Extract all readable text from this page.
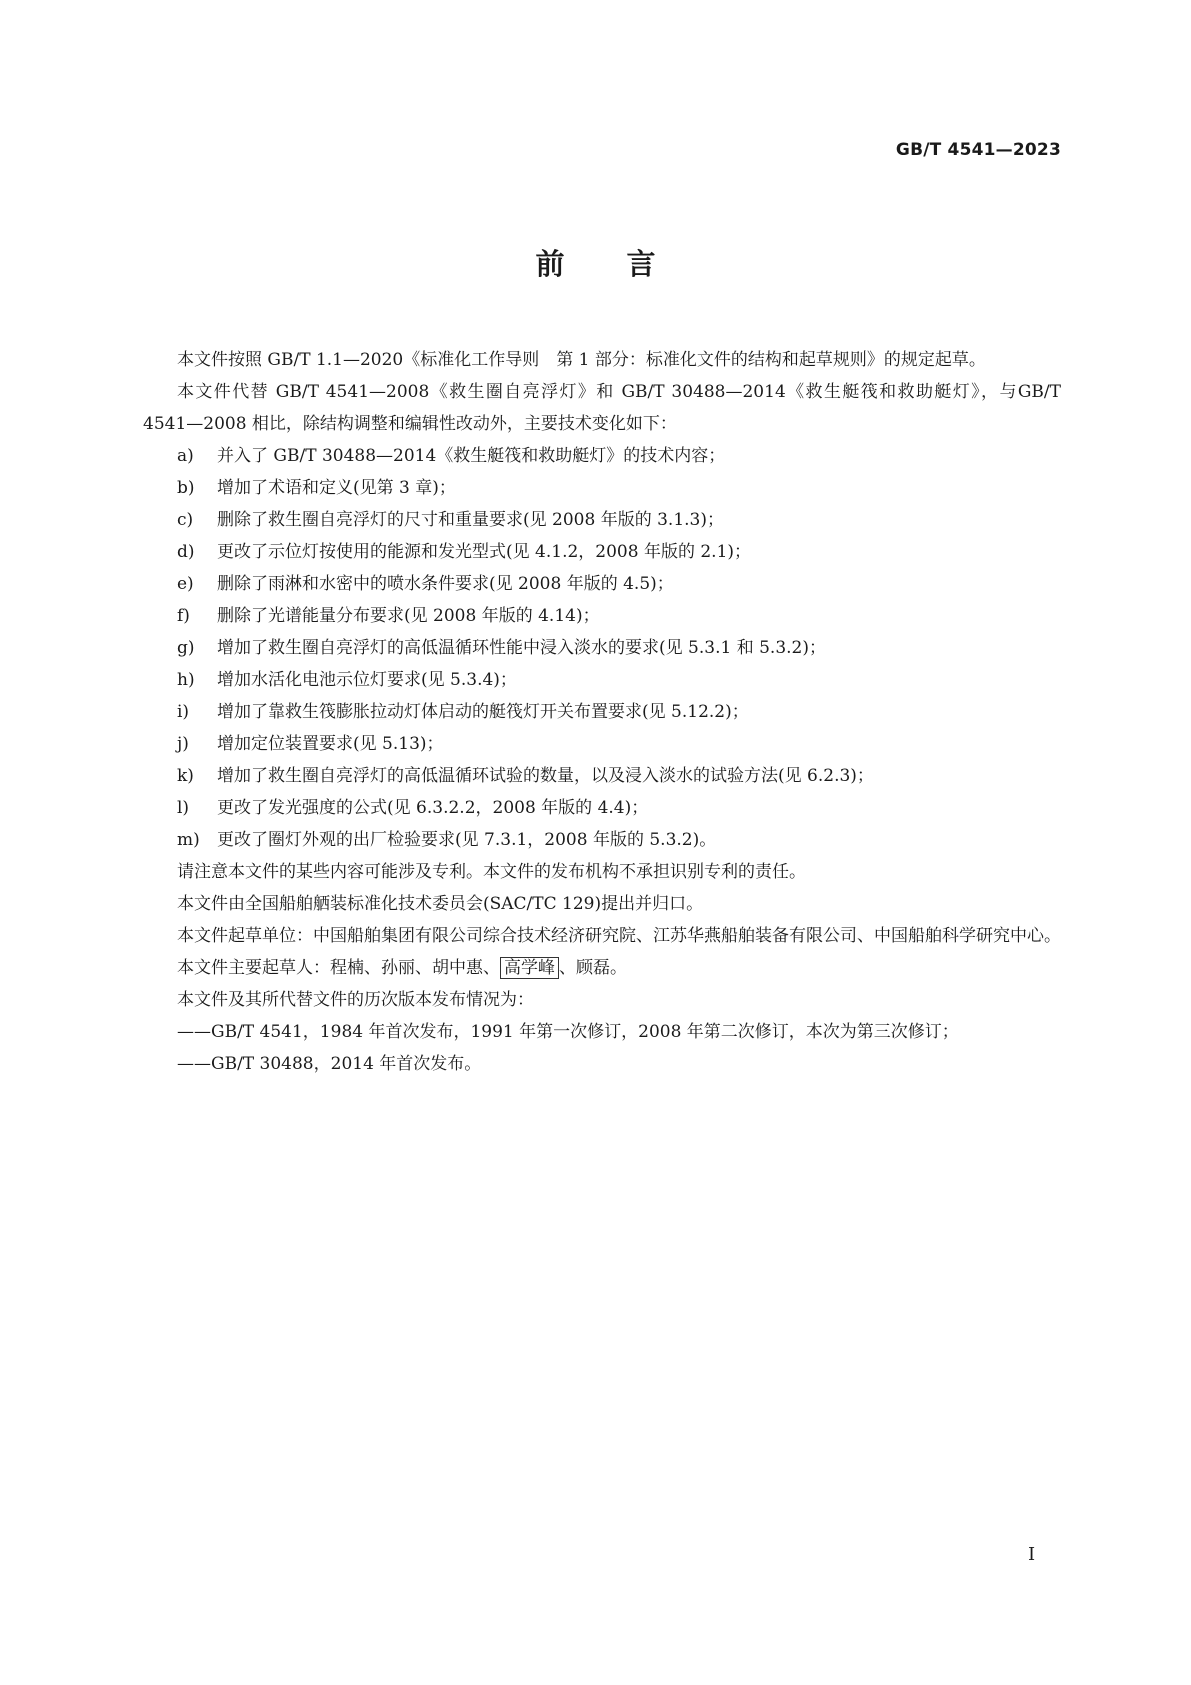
GB/T 4541—2023
前 言

本文件按照 GB/T 1.1—2020《标准化工作导则　第 1 部分：标准化文件的结构和起草规则》的规定起草。

本文件代替 GB/T 4541—2008《救生圈自亮浮灯》和 GB/T 30488—2014《救生艇筏和救助艇灯》，与GB/T 4541—2008 相比，除结构调整和编辑性改动外，主要技术变化如下：

a)	并入了 GB/T 30488—2014《救生艇筏和救助艇灯》的技术内容；
b)	增加了术语和定义(见第 3 章)；
c)	删除了救生圈自亮浮灯的尺寸和重量要求(见 2008 年版的 3.1.3)；
d)	更改了示位灯按使用的能源和发光型式(见 4.1.2，2008 年版的 2.1)；
e)	删除了雨淋和水密中的喷水条件要求(见 2008 年版的 4.5)；
f)	删除了光谱能量分布要求(见 2008 年版的 4.14)；
g)	增加了救生圈自亮浮灯的高低温循环性能中浸入淡水的要求(见 5.3.1 和 5.3.2)；
h)	增加水活化电池示位灯要求(见 5.3.4)；
i)	增加了靠救生筏膨胀拉动灯体启动的艇筏灯开关布置要求(见 5.12.2)；
j)	增加定位装置要求(见 5.13)；
k)	增加了救生圈自亮浮灯的高低温循环试验的数量，以及浸入淡水的试验方法(见 6.2.3)；
l)	更改了发光强度的公式(见 6.3.2.2，2008 年版的 4.4)；
m)	更改了圈灯外观的出厂检验要求(见 7.3.1，2008 年版的 5.3.2)。

请注意本文件的某些内容可能涉及专利。本文件的发布机构不承担识别专利的责任。

本文件由全国船舶舾装标准化技术委员会(SAC/TC 129)提出并归口。

本文件起草单位：中国船舶集团有限公司综合技术经济研究院、江苏华燕船舶装备有限公司、中国船舶科学研究中心。

本文件主要起草人：程楠、孙丽、胡中惠、 高学峰 、顾磊。

本文件及其所代替文件的历次版本发布情况为：

——GB/T 4541，1984 年首次发布，1991 年第一次修订，2008 年第二次修订，本次为第三次修订；

——GB/T 30488，2014 年首次发布。

Ⅰ
